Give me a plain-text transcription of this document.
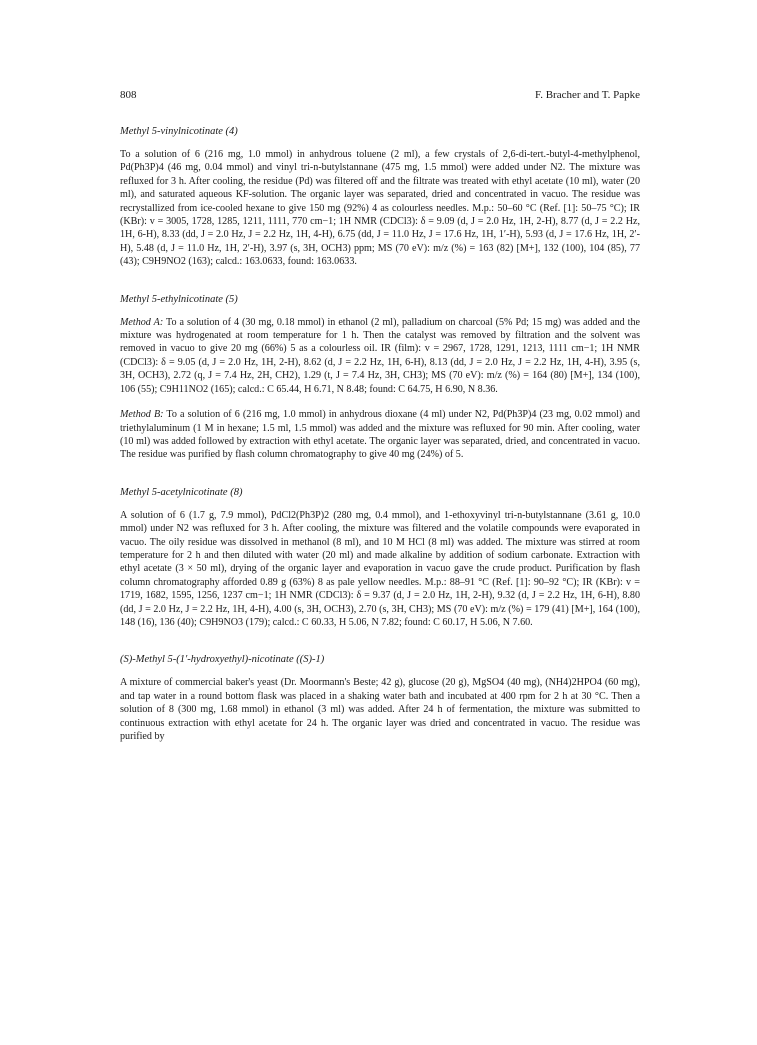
808	F. Bracher and T. Papke
Methyl 5-vinylnicotinate (4)

To a solution of 6 (216 mg, 1.0 mmol) in anhydrous toluene (2 ml), a few crystals of 2,6-di-tert.-butyl-4-methylphenol, Pd(Ph3P)4 (46 mg, 0.04 mmol) and vinyl tri-n-butylstannane (475 mg, 1.5 mmol) were added under N2. The mixture was refluxed for 3 h. After cooling, the residue (Pd) was filtered off and the filtrate was treated with ethyl acetate (10 ml), water (20 ml), and saturated aqueous KF-solution. The organic layer was separated, dried and concentrated in vacuo. The residue was recrystallized from ice-cooled hexane to give 150 mg (92%) 4 as colourless needles. M.p.: 50–60 °C (Ref. [1]: 50–75 °C); IR (KBr): v = 3005, 1728, 1285, 1211, 1111, 770 cm−1; 1H NMR (CDCl3): δ = 9.09 (d, J = 2.0 Hz, 1H, 2-H), 8.77 (d, J = 2.2 Hz, 1H, 6-H), 8.33 (dd, J = 2.0 Hz, J = 2.2 Hz, 1H, 4-H), 6.75 (dd, J = 11.0 Hz, J = 17.6 Hz, 1H, 1′-H), 5.93 (d, J = 17.6 Hz, 1H, 2′-H), 5.48 (d, J = 11.0 Hz, 1H, 2′-H), 3.97 (s, 3H, OCH3) ppm; MS (70 eV): m/z (%) = 163 (82) [M+], 132 (100), 104 (85), 77 (43); C9H9NO2 (163); calcd.: 163.0633, found: 163.0633.

Methyl 5-ethylnicotinate (5)

Method A: To a solution of 4 (30 mg, 0.18 mmol) in ethanol (2 ml), palladium on charcoal (5% Pd; 15 mg) was added and the mixture was hydrogenated at room temperature for 1 h. Then the catalyst was removed by filtration and the solvent was removed in vacuo to give 20 mg (66%) 5 as a colourless oil. IR (film): v = 2967, 1728, 1291, 1213, 1111 cm−1; 1H NMR (CDCl3): δ = 9.05 (d, J = 2.0 Hz, 1H, 2-H), 8.62 (d, J = 2.2 Hz, 1H, 6-H), 8.13 (dd, J = 2.0 Hz, J = 2.2 Hz, 1H, 4-H), 3.95 (s, 3H, OCH3), 2.72 (q, J = 7.4 Hz, 2H, CH2), 1.29 (t, J = 7.4 Hz, 3H, CH3); MS (70 eV): m/z (%) = 164 (80) [M+], 134 (100), 106 (55); C9H11NO2 (165); calcd.: C 65.44, H 6.71, N 8.48; found: C 64.75, H 6.90, N 8.36.

Method B: To a solution of 6 (216 mg, 1.0 mmol) in anhydrous dioxane (4 ml) under N2, Pd(Ph3P)4 (23 mg, 0.02 mmol) and triethylaluminum (1 M in hexane; 1.5 ml, 1.5 mmol) was added and the mixture was refluxed for 90 min. After cooling, water (10 ml) was added followed by extraction with ethyl acetate. The organic layer was separated, dried, and concentrated in vacuo. The residue was purified by flash column chromatography to give 40 mg (24%) of 5.

Methyl 5-acetylnicotinate (8)

A solution of 6 (1.7 g, 7.9 mmol), PdCl2(Ph3P)2 (280 mg, 0.4 mmol), and 1-ethoxyvinyl tri-n-butylstannane (3.61 g, 10.0 mmol) under N2 was refluxed for 3 h. After cooling, the mixture was filtered and the volatile compounds were evaporated in vacuo. The oily residue was dissolved in methanol (8 ml), and 10 M HCl (8 ml) was added. The mixture was stirred at room temperature for 2 h and then diluted with water (20 ml) and made alkaline by addition of sodium carbonate. Extraction with ethyl acetate (3 × 50 ml), drying of the organic layer and evaporation in vacuo gave the crude product. Purification by flash column chromatography afforded 0.89 g (63%) 8 as pale yellow needles. M.p.: 88–91 °C (Ref. [1]: 90–92 °C); IR (KBr): v = 1719, 1682, 1595, 1256, 1237 cm−1; 1H NMR (CDCl3): δ = 9.37 (d, J = 2.0 Hz, 1H, 2-H), 9.32 (d, J = 2.2 Hz, 1H, 6-H), 8.80 (dd, J = 2.0 Hz, J = 2.2 Hz, 1H, 4-H), 4.00 (s, 3H, OCH3), 2.70 (s, 3H, CH3); MS (70 eV): m/z (%) = 179 (41) [M+], 164 (100), 148 (16), 136 (40); C9H9NO3 (179); calcd.: C 60.33, H 5.06, N 7.82; found: C 60.17, H 5.06, N 7.60.

(S)-Methyl 5-(1′-hydroxyethyl)-nicotinate ((S)-1)

A mixture of commercial baker's yeast (Dr. Moormann's Beste; 42 g), glucose (20 g), MgSO4 (40 mg), (NH4)2HPO4 (60 mg), and tap water in a round bottom flask was placed in a shaking water bath and incubated at 400 rpm for 2 h at 30 °C. Then a solution of 8 (300 mg, 1.68 mmol) in ethanol (3 ml) was added. After 24 h of fermentation, the mixture was submitted to continuous extraction with ethyl acetate for 24 h. The organic layer was dried and concentrated in vacuo. The residue was purified by
